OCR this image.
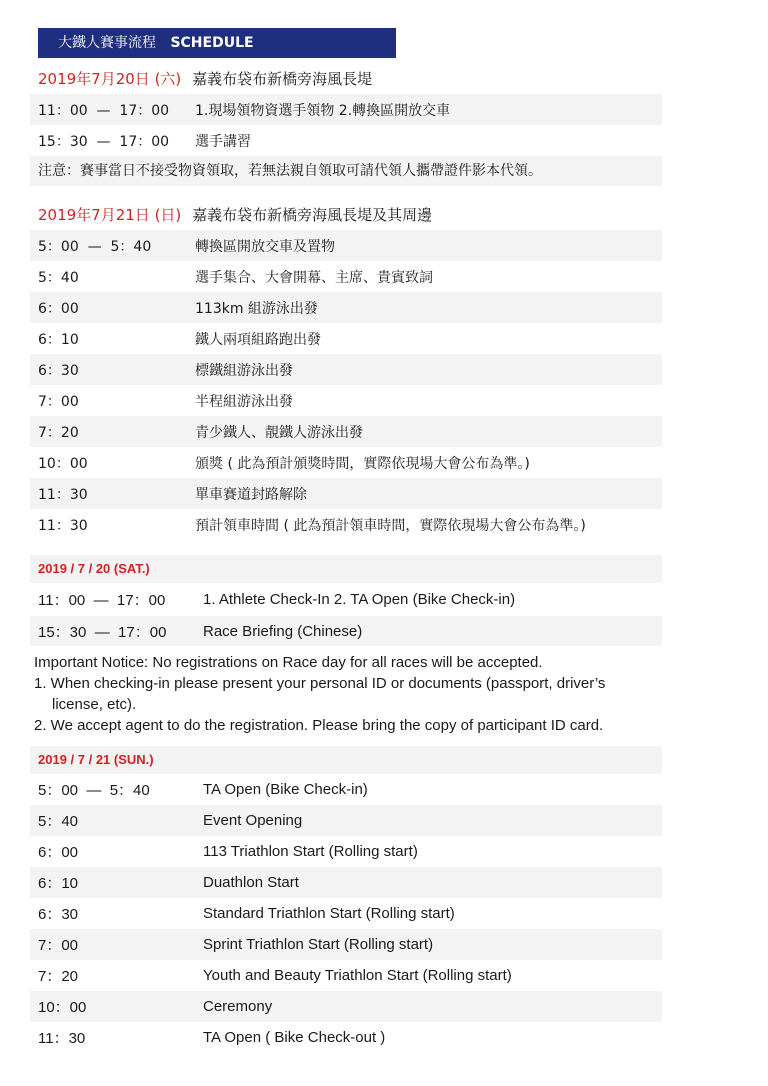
大鐵人賽事流程 SCHEDULE
2019年7月20日 (六) 嘉義布袋布新橋旁海風長堤
11：00  —  17：00	1.現場領物資選手領物 2.轉換區開放交車
15：30  —  17：00	選手講習
注意：賽事當日不接受物資領取，若無法親自領取可請代領人攜帶證件影本代領。
2019年7月21日 (日) 嘉義布袋布新橋旁海風長堤及其周邊
5：00  —  5：40	轉換區開放交車及置物
5：40	選手集合、大會開幕、主席、貴賓致詞
6：00	113km 組游泳出發
6：10	鐵人兩項組路跑出發
6：30	標鐵組游泳出發
7：00	半程組游泳出發
7：20	青少鐵人、靚鐵人游泳出發
10：00	頒獎 ( 此為預計頒獎時間，實際依現場大會公布為準。)
11：30	單車賽道封路解除
11：30	預計領車時間 ( 此為預計領車時間，實際依現場大會公布為準。)
2019 / 7 / 20 (SAT.)
11：00  —  17：00	1. Athlete Check-In 2. TA Open (Bike Check-in)
15：30  —  17：00	Race Briefing (Chinese)
Important Notice: No registrations on Race day for all races will be accepted.
1. When checking-in please present your personal ID or documents (passport, driver’s
license, etc).
2. We accept agent to do the registration. Please bring the copy of participant ID card.
2019 / 7 / 21 (SUN.)
5：00  —  5：40	TA Open (Bike Check-in)
5：40	Event Opening
6：00	113 Triathlon Start (Rolling start)
6：10	Duathlon Start
6：30	Standard Triathlon Start (Rolling start)
7：00	Sprint Triathlon Start (Rolling start)
7：20	Youth and Beauty Triathlon Start (Rolling start)
10：00	Ceremony
11：30	TA Open ( Bike Check-out )
